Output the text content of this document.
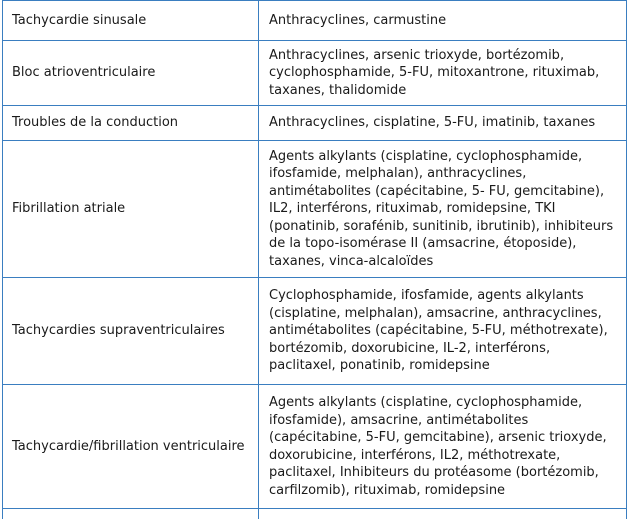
Tachycardie sinusale	Anthracyclines, carmustine
Bloc atrioventriculaire
Anthracyclines, arsenic trioxyde, bortézomib, cyclophosphamide, 5-FU, mitoxantrone, rituximab, taxanes, thalidomide
Troubles de la conduction	Anthracyclines, cisplatine, 5-FU, imatinib, taxanes
Fibrillation atriale
Agents alkylants (cisplatine, cyclophosphamide, ifosfamide, melphalan), anthracyclines, antimétabolites (capécitabine, 5- FU, gemcitabine), IL2, interférons, rituximab, romidepsine, TKI (ponatinib, sorafénib, sunitinib, ibrutinib), inhibiteurs de la topo-isomérase II (amsacrine, étoposide), taxanes, vinca-alcaloïdes
Tachycardies supraventriculaires
Cyclophosphamide, ifosfamide, agents alkylants (cisplatine, melphalan), amsacrine, anthracyclines, antimétabolites (capécitabine, 5-FU, méthotrexate), bortézomib, doxorubicine, IL-2, interférons, paclitaxel, ponatinib, romidepsine
Tachycardie/fibrillation ventriculaire
Agents alkylants (cisplatine, cyclophosphamide, ifosfamide), amsacrine, antimétabolites (capécitabine, 5-FU, gemcitabine), arsenic trioxyde, doxorubicine, interférons, IL2, méthotrexate, paclitaxel, Inhibiteurs du protéasome (bortézomib, carfilzomib), rituximab, romidepsine
